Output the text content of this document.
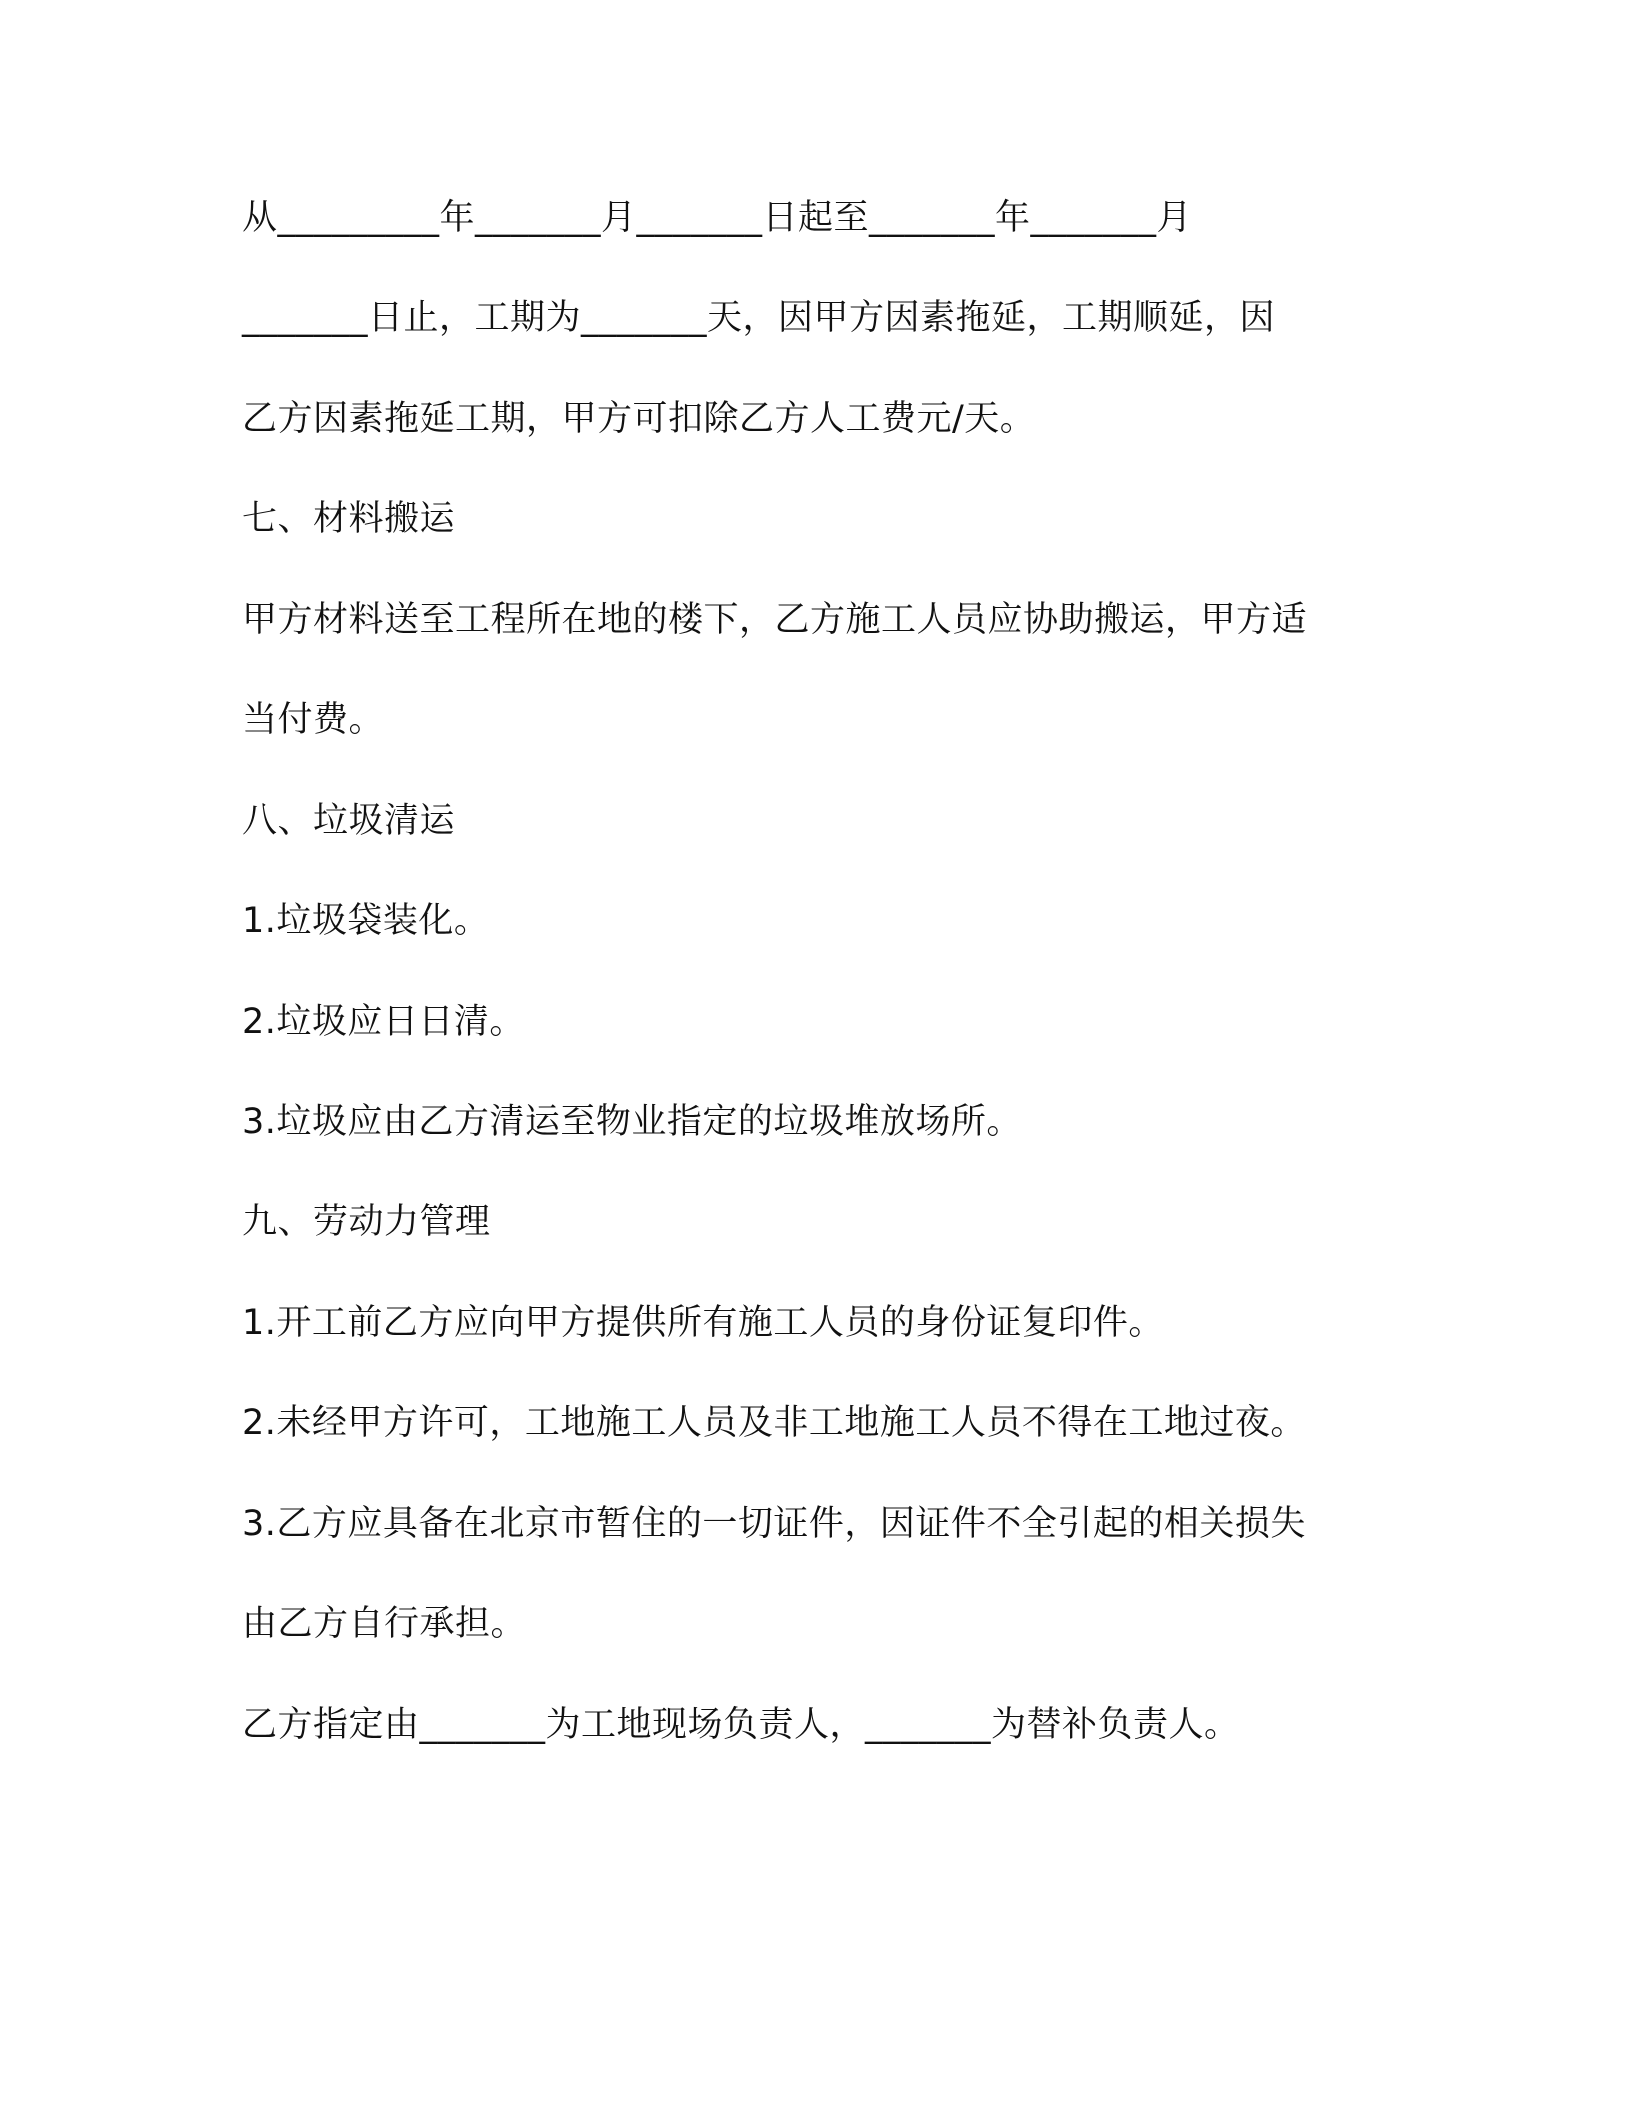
从_________年_______月_______日起至_______年_______月
_______日止，工期为_______天，因甲方因素拖延，工期顺延，因
乙方因素拖延工期，甲方可扣除乙方人工费元/天。
七、材料搬运
甲方材料送至工程所在地的楼下，乙方施工人员应协助搬运，甲方适
当付费。
八、垃圾清运
1.垃圾袋装化。
2.垃圾应日日清。
3.垃圾应由乙方清运至物业指定的垃圾堆放场所。
九、劳动力管理
1.开工前乙方应向甲方提供所有施工人员的身份证复印件。
2.未经甲方许可，工地施工人员及非工地施工人员不得在工地过夜。
3.乙方应具备在北京市暂住的一切证件，因证件不全引起的相关损失
由乙方自行承担。
乙方指定由_______为工地现场负责人，_______为替补负责人。
